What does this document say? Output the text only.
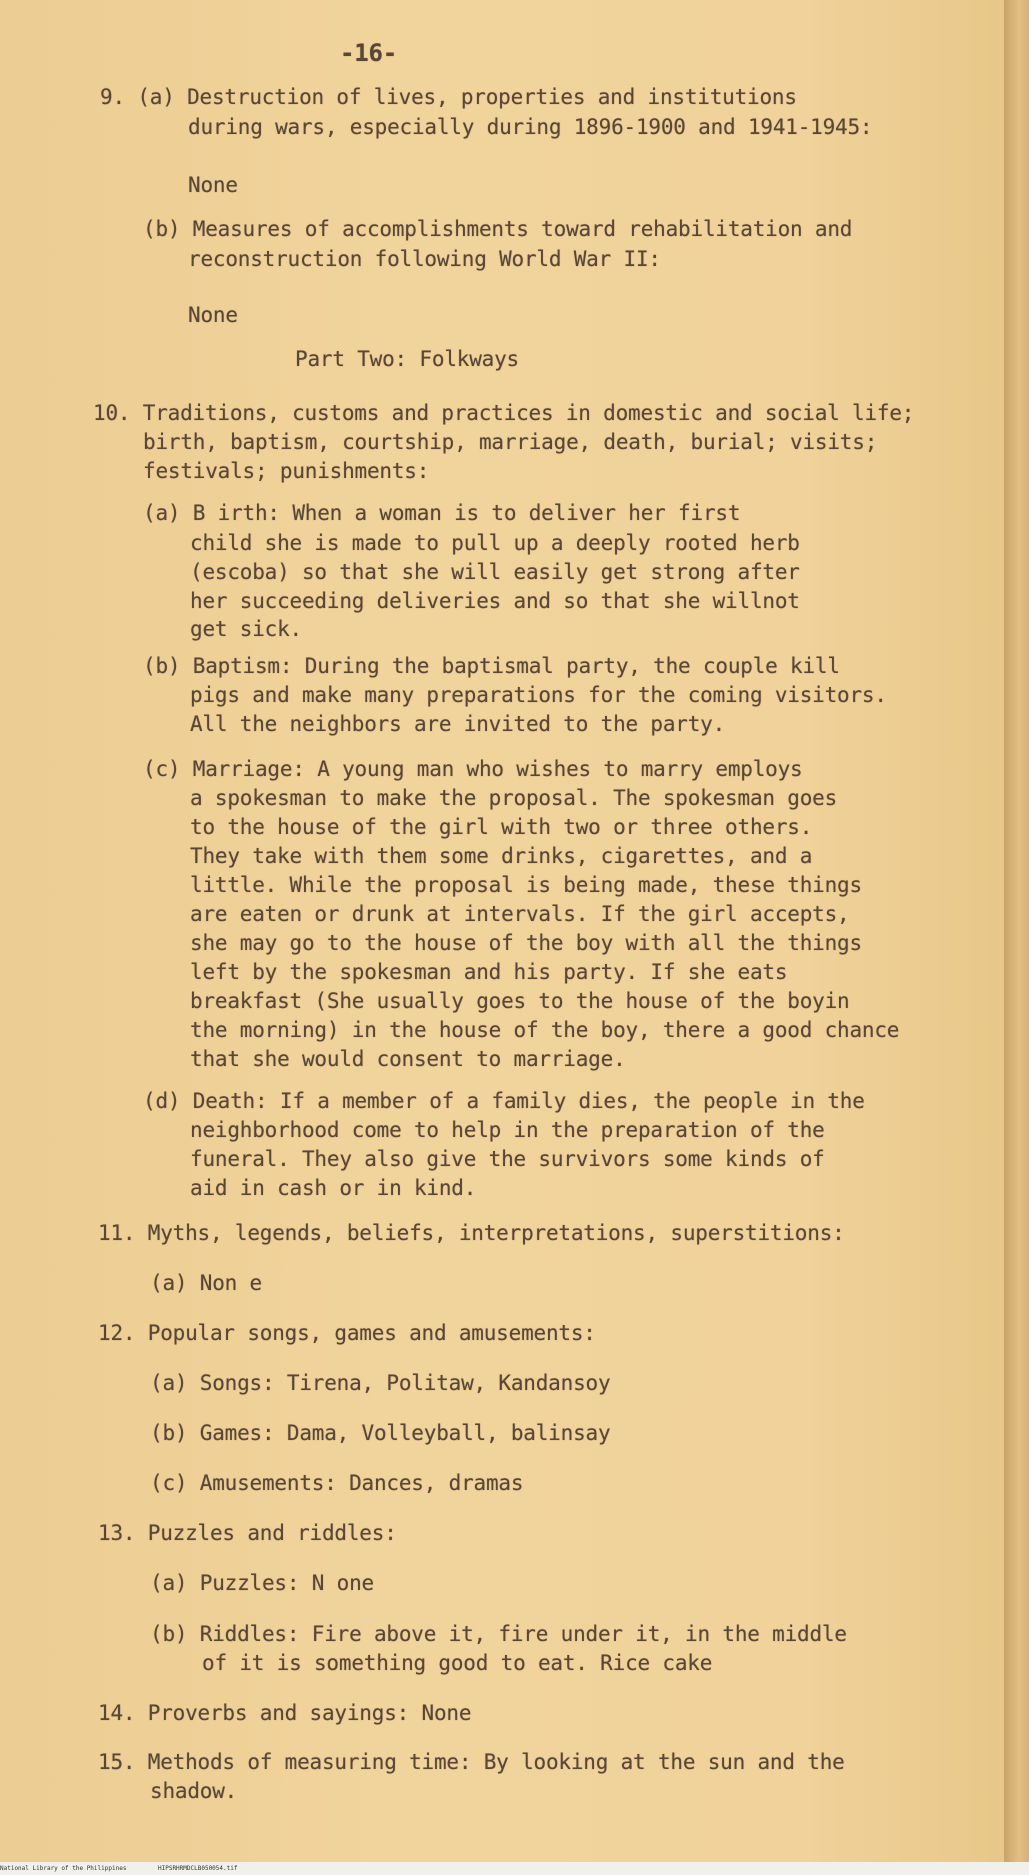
-16-
9. (a) Destruction of lives, properties and institutions
during wars, especially during 1896-1900 and 1941-1945:
None
(b) Measures of accomplishments toward rehabilitation and
reconstruction following World War II:
None
Part Two: Folkways
10. Traditions, customs and practices in domestic and social life;
birth, baptism, courtship, marriage, death, burial; visits;
festivals; punishments:
(a) B irth: When a woman is to deliver her first
child she is made to pull up a deeply rooted herb
(escoba) so that she will easily get strong after
her succeeding deliveries and so that she willnot
get sick.
(b) Baptism: During the baptismal party, the couple kill
pigs and make many preparations for the coming visitors.
All the neighbors are invited to the party.
(c) Marriage: A young man who wishes to marry employs
a spokesman to make the proposal. The spokesman goes
to the house of the girl with two or three others.
They take with them some drinks, cigarettes, and a
little. While the proposal is being made, these things
are eaten or drunk at intervals. If the girl accepts,
she may go to the house of the boy with all the things
left by the spokesman and his party. If she eats
breakfast (She usually goes to the house of the boyin
the morning) in the house of the boy, there a good chance
that she would consent to marriage.
(d) Death: If a member of a family dies, the people in the
neighborhood come to help in the preparation of the
funeral. They also give the survivors some kinds of
aid in cash or in kind.
11. Myths, legends, beliefs, interpretations, superstitions:
(a) Non e
12. Popular songs, games and amusements:
(a) Songs: Tirena, Politaw, Kandansoy
(b) Games: Dama, Volleyball, balinsay
(c) Amusements: Dances, dramas
13. Puzzles and riddles:
(a) Puzzles: N one
(b) Riddles: Fire above it, fire under it, in the middle
of it is something good to eat. Rice cake
14. Proverbs and sayings: None
15. Methods of measuring time: By looking at the sun and the
shadow.
National Library of the Philippines	HIPSRHRMDCLB050054.tif
